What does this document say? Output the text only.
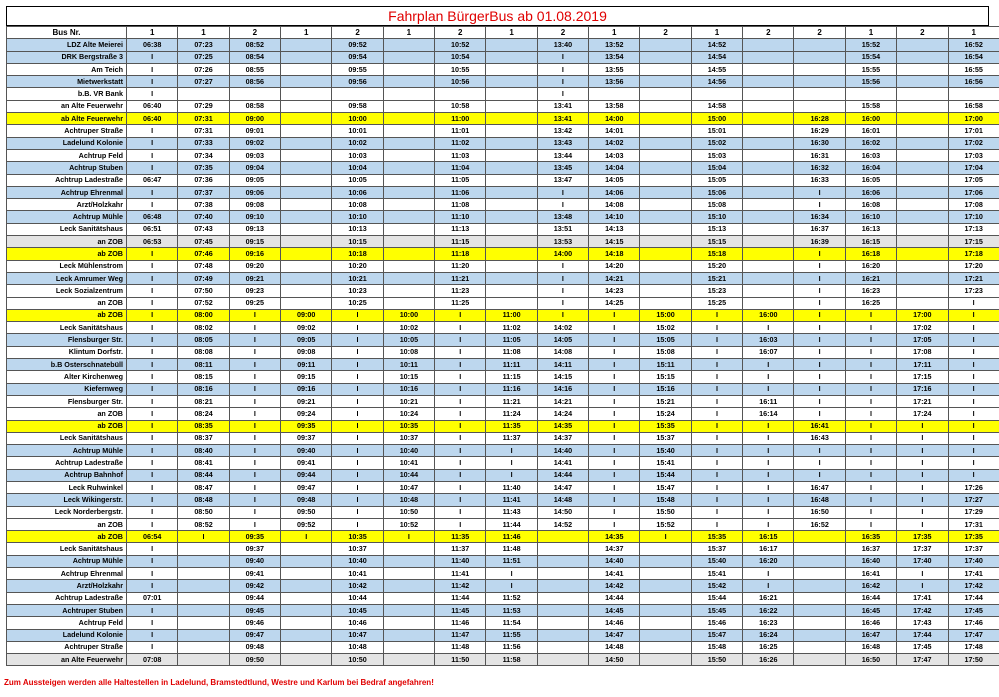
Fahrplan BürgerBus ab 01.08.2019
Bus Nr.	1	1	2	1	2	1	2	1	2	1	2	1	2	2	1	2	1
LDZ Alte Meierei	06:38	07:23	08:52		09:52		10:52		13:40	13:52		14:52			15:52		16:52
DRK Bergstraße 3	I	07:25	08:54		09:54		10:54		I	13:54		14:54			15:54		16:54
Am Teich	I	07:26	08:55		09:55		10:55		I	13:55		14:55			15:55		16:55
Mietwerkstatt	I	07:27	08:56		09:56		10:56		I	13:56		14:56			15:56		16:56
b.B. VR Bank	I								I								
an Alte Feuerwehr	06:40	07:29	08:58		09:58		10:58		13:41	13:58		14:58			15:58		16:58
ab Alte Feuerwehr	06:40	07:31	09:00		10:00		11:00		13:41	14:00		15:00		16:28	16:00		17:00
Achtruper Straße	I	07:31	09:01		10:01		11:01		13:42	14:01		15:01		16:29	16:01		17:01
Ladelund Kolonie	I	07:33	09:02		10:02		11:02		13:43	14:02		15:02		16:30	16:02		17:02
Achtrup Feld	I	07:34	09:03		10:03		11:03		13:44	14:03		15:03		16:31	16:03		17:03
Achtrup Stuben	I	07:35	09:04		10:04		11:04		13:45	14:04		15:04		16:32	16:04		17:04
Achtrup Ladestraße	06:47	07:36	09:05		10:05		11:05		13:47	14:05		15:05		16:33	16:05		17:05
Achtrup Ehrenmal	I	07:37	09:06		10:06		11:06		I	14:06		15:06		I	16:06		17:06
Arzt/Holzkahr	I	07:38	09:08		10:08		11:08		I	14:08		15:08		I	16:08		17:08
Achtrup Mühle	06:48	07:40	09:10		10:10		11:10		13:48	14:10		15:10		16:34	16:10		17:10
Leck Sanitätshaus	06:51	07:43	09:13		10:13		11:13		13:51	14:13		15:13		16:37	16:13		17:13
an ZOB	06:53	07:45	09:15		10:15		11:15		13:53	14:15		15:15		16:39	16:15		17:15
ab ZOB	I	07:46	09:16		10:18		11:18		14:00	14:18		15:18		I	16:18		17:18
Leck Mühlenstrom	I	07:48	09:20		10:20		11:20		I	14:20		15:20		I	16:20		17:20
Leck Amrumer Weg	I	07:49	09:21		10:21		11:21		I	14:21		15:21		I	16:21		17:21
Leck Sozialzentrum	I	07:50	09:23		10:23		11:23		I	14:23		15:23		I	16:23		17:23
an ZOB	I	07:52	09:25		10:25		11:25		I	14:25		15:25		I	16:25		I
ab ZOB	I	08:00	I	09:00	I	10:00	I	11:00	I	I	15:00	I	16:00	I	I	17:00	I
Leck Sanitätshaus	I	08:02	I	09:02	I	10:02	I	11:02	14:02	I	15:02	I	I	I	I	17:02	I
Flensburger Str.	I	08:05	I	09:05	I	10:05	I	11:05	14:05	I	15:05	I	16:03	I	I	17:05	I
Klintum Dorfstr.	I	08:08	I	09:08	I	10:08	I	11:08	14:08	I	15:08	I	16:07	I	I	17:08	I
b.B Osterschnatebüll	I	08:11	I	09:11	I	10:11	I	11:11	14:11	I	15:11	I	I	I	I	17:11	I
Alter Kirchenweg	I	08:15	I	09:15	I	10:15	I	11:15	14:15	I	15:15	I	I	I	I	17:15	I
Kiefernweg	I	08:16	I	09:16	I	10:16	I	11:16	14:16	I	15:16	I	I	I	I	17:16	I
Flensburger Str.	I	08:21	I	09:21	I	10:21	I	11:21	14:21	I	15:21	I	16:11	I	I	17:21	I
an ZOB	I	08:24	I	09:24	I	10:24	I	11:24	14:24	I	15:24	I	16:14	I	I	17:24	I
ab ZOB	I	08:35	I	09:35	I	10:35	I	11:35	14:35	I	15:35	I	I	16:41	I	I	I
Leck Sanitätshaus	I	08:37	I	09:37	I	10:37	I	11:37	14:37	I	15:37	I	I	16:43	I	I	I
Achtrup Mühle	I	08:40	I	09:40	I	10:40	I	I	14:40	I	15:40	I	I	I	I	I	I
Achtrup Ladestraße	I	08:41	I	09:41	I	10:41	I	I	14:41	I	15:41	I	I	I	I	I	I
Achtrup Bahnhof	I	08:44	I	09:44	I	10:44	I	I	14:44	I	15:44	I	I	I	I	I	I
Leck Ruhwinkel	I	08:47	I	09:47	I	10:47	I	11:40	14:47	I	15:47	I	I	16:47	I	I	17:26
Leck Wikingerstr.	I	08:48	I	09:48	I	10:48	I	11:41	14:48	I	15:48	I	I	16:48	I	I	17:27
Leck Norderbergstr.	I	08:50	I	09:50	I	10:50	I	11:43	14:50	I	15:50	I	I	16:50	I	I	17:29
an ZOB	I	08:52	I	09:52	I	10:52	I	11:44	14:52	I	15:52	I	I	16:52	I	I	17:31
ab ZOB	06:54	I	09:35	I	10:35	I	11:35	11:46		14:35	I	15:35	16:15		16:35	17:35	17:35
Leck Sanitätshaus	I		09:37		10:37		11:37	11:48		14:37		15:37	16:17		16:37	17:37	17:37
Achtrup Mühle	I		09:40		10:40		11:40	11:51		14:40		15:40	16:20		16:40	17:40	17:40
Achtrup Ehrenmal	I		09:41		10:41		11:41	I		14:41		15:41	I		16:41	I	17:41
Arzt/Holzkahr	I		09:42		10:42		11:42	I		14:42		15:42	I		16:42	I	17:42
Achtrup Ladestraße	07:01		09:44		10:44		11:44	11:52		14:44		15:44	16:21		16:44	17:41	17:44
Achtruper Stuben	I		09:45		10:45		11:45	11:53		14:45		15:45	16:22		16:45	17:42	17:45
Achtrup Feld	I		09:46		10:46		11:46	11:54		14:46		15:46	16:23		16:46	17:43	17:46
Ladelund Kolonie	I		09:47		10:47		11:47	11:55		14:47		15:47	16:24		16:47	17:44	17:47
Achtruper Straße	I		09:48		10:48		11:48	11:56		14:48		15:48	16:25		16:48	17:45	17:48
an Alte Feuerwehr	07:08		09:50		10:50		11:50	11:58		14:50		15:50	16:26		16:50	17:47	17:50
Zum Aussteigen werden alle Haltestellen in Ladelund, Bramstedtlund, Westre und Karlum bei Bedraf angefahren!
